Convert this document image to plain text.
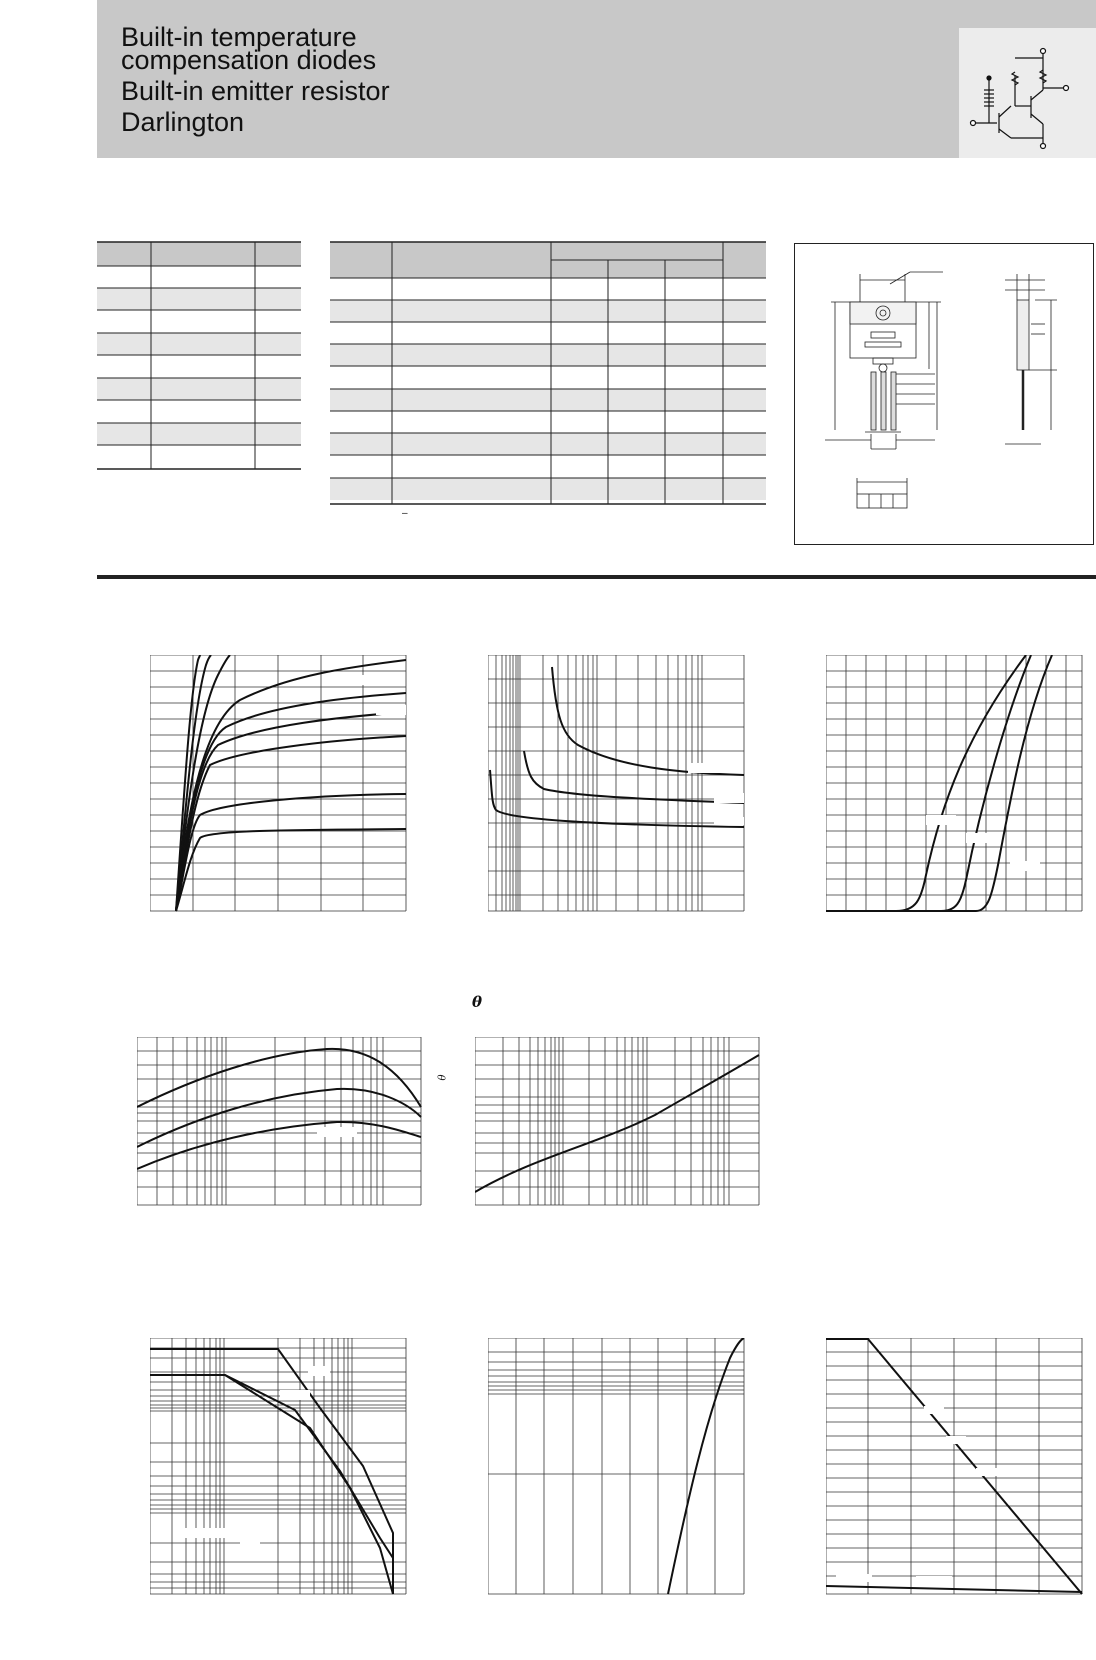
Built-in temperature
compensation diodes
Built-in emitter resistor
Darlington
–
θ
θ
